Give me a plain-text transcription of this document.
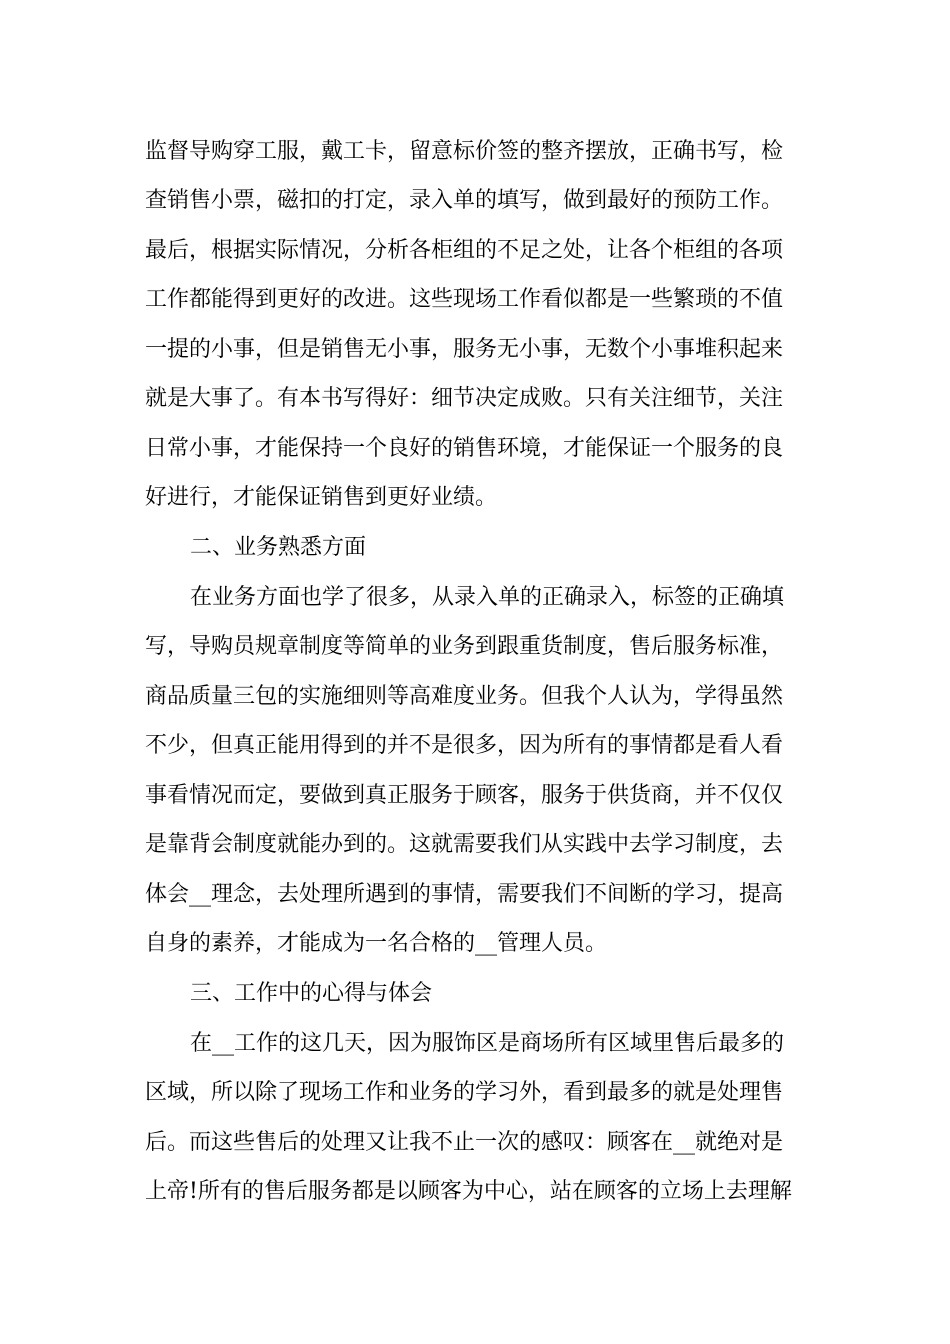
监督导购穿工服，戴工卡，留意标价签的整齐摆放，正确书写，检
查销售小票，磁扣的打定，录入单的填写，做到最好的预防工作。
最后，根据实际情况，分析各柜组的不足之处，让各个柜组的各项
工作都能得到更好的改进。这些现场工作看似都是一些繁琐的不值
一提的小事，但是销售无小事，服务无小事，无数个小事堆积起来
就是大事了。有本书写得好：细节决定成败。只有关注细节，关注
日常小事，才能保持一个良好的销售环境，才能保证一个服务的良
好进行，才能保证销售到更好业绩。
二、业务熟悉方面
在业务方面也学了很多，从录入单的正确录入，标签的正确填
写，导购员规章制度等简单的业务到跟重货制度，售后服务标准，
商品质量三包的实施细则等高难度业务。但我个人认为，学得虽然
不少，但真正能用得到的并不是很多，因为所有的事情都是看人看
事看情况而定，要做到真正服务于顾客，服务于供货商，并不仅仅
是靠背会制度就能办到的。这就需要我们从实践中去学习制度，去
体会__理念，去处理所遇到的事情，需要我们不间断的学习，提高
自身的素养，才能成为一名合格的__管理人员。
三、工作中的心得与体会
在__工作的这几天，因为服饰区是商场所有区域里售后最多的
区域，所以除了现场工作和业务的学习外，看到最多的就是处理售
后。而这些售后的处理又让我不止一次的感叹：顾客在__就绝对是
上帝!所有的售后服务都是以顾客为中心，站在顾客的立场上去理解
